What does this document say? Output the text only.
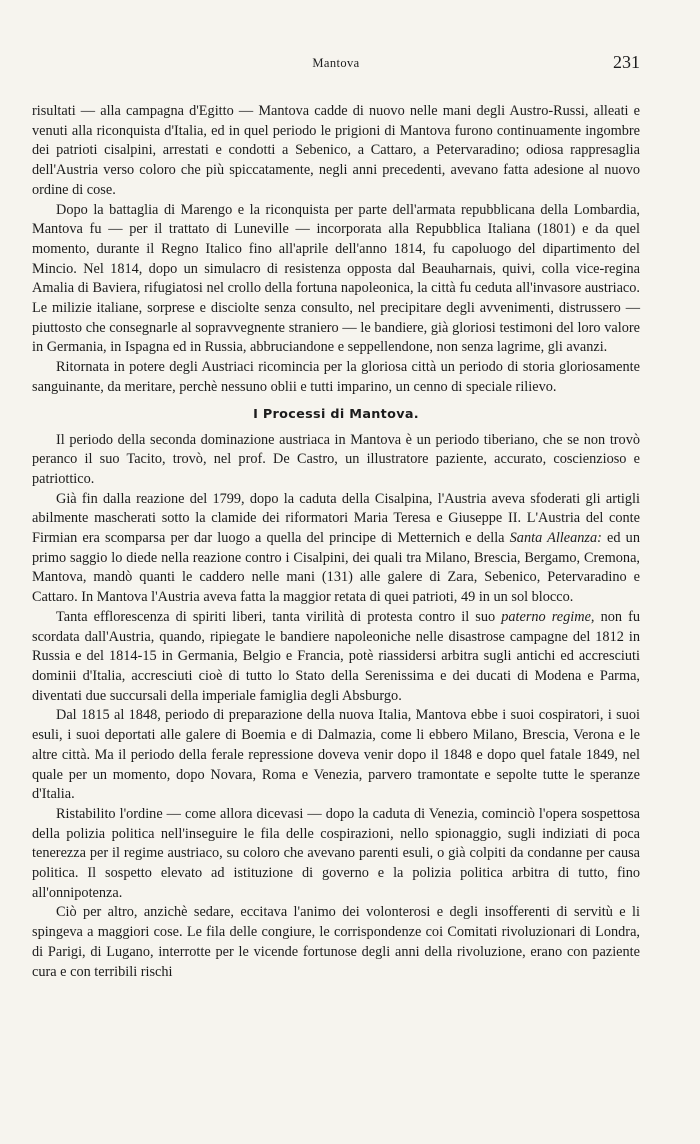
Mantova	231

risultati — alla campagna d'Egitto — Mantova cadde di nuovo nelle mani degli Austro-Russi, alleati e venuti alla riconquista d'Italia, ed in quel periodo le prigioni di Mantova furono continuamente ingombre dei patrioti cisalpini, arrestati e condotti a Sebenico, a Cattaro, a Petervaradino; odiosa rappresaglia dell'Austria verso coloro che più spiccatamente, negli anni precedenti, avevano fatta adesione al nuovo ordine di cose.

Dopo la battaglia di Marengo e la riconquista per parte dell'armata repubblicana della Lombardia, Mantova fu — per il trattato di Luneville — incorporata alla Repubblica Italiana (1801) e da quel momento, durante il Regno Italico fino all'aprile dell'anno 1814, fu capoluogo del dipartimento del Mincio. Nel 1814, dopo un simulacro di resistenza opposta dal Beauharnais, quivi, colla vice-regina Amalia di Baviera, rifugiatosi nel crollo della fortuna napoleonica, la città fu ceduta all'invasore austriaco. Le milizie italiane, sorprese e disciolte senza consulto, nel precipitare degli avvenimenti, distrussero — piuttosto che consegnarle al sopravvegnente straniero — le bandiere, già gloriosi testimoni del loro valore in Germania, in Ispagna ed in Russia, abbruciandone e seppellendone, non senza lagrime, gli avanzi.

Ritornata in potere degli Austriaci ricomincia per la gloriosa città un periodo di storia gloriosamente sanguinante, da meritare, perchè nessuno oblii e tutti imparino, un cenno di speciale rilievo.

I Processi di Mantova.

Il periodo della seconda dominazione austriaca in Mantova è un periodo tiberiano, che se non trovò peranco il suo Tacito, trovò, nel prof. De Castro, un illustratore paziente, accurato, coscienzioso e patriottico.

Già fin dalla reazione del 1799, dopo la caduta della Cisalpina, l'Austria aveva sfoderati gli artigli abilmente mascherati sotto la clamide dei riformatori Maria Teresa e Giuseppe II. L'Austria del conte Firmian era scomparsa per dar luogo a quella del principe di Metternich e della Santa Alleanza: ed un primo saggio lo diede nella reazione contro i Cisalpini, dei quali tra Milano, Brescia, Bergamo, Cremona, Mantova, mandò quanti le caddero nelle mani (131) alle galere di Zara, Sebenico, Petervaradino e Cattaro. In Mantova l'Austria aveva fatta la maggior retata di quei patrioti, 49 in un sol blocco.

Tanta efflorescenza di spiriti liberi, tanta virilità di protesta contro il suo paterno regime, non fu scordata dall'Austria, quando, ripiegate le bandiere napoleoniche nelle disastrose campagne del 1812 in Russia e del 1814-15 in Germania, Belgio e Francia, potè riassidersi arbitra sugli antichi ed accresciuti dominii d'Italia, accresciuti cioè di tutto lo Stato della Serenissima e dei ducati di Modena e Parma, diventati due succursali della imperiale famiglia degli Absburgo.

Dal 1815 al 1848, periodo di preparazione della nuova Italia, Mantova ebbe i suoi cospiratori, i suoi esuli, i suoi deportati alle galere di Boemia e di Dalmazia, come li ebbero Milano, Brescia, Verona e le altre città. Ma il periodo della ferale repressione doveva venir dopo il 1848 e dopo quel fatale 1849, nel quale per un momento, dopo Novara, Roma e Venezia, parvero tramontate e sepolte tutte le speranze d'Italia.

Ristabilito l'ordine — come allora dicevasi — dopo la caduta di Venezia, cominciò l'opera sospettosa della polizia politica nell'inseguire le fila delle cospirazioni, nello spionaggio, sugli indiziati di poca tenerezza per il regime austriaco, su coloro che avevano parenti esuli, o già colpiti da condanne per causa politica. Il sospetto elevato ad istituzione di governo e la polizia politica arbitra di tutto, fino all'onnipotenza.

Ciò per altro, anzichè sedare, eccitava l'animo dei volonterosi e degli insofferenti di servitù e li spingeva a maggiori cose. Le fila delle congiure, le corrispondenze coi Comitati rivoluzionari di Londra, di Parigi, di Lugano, interrotte per le vicende fortunose degli anni della rivoluzione, erano con paziente cura e con terribili rischi
